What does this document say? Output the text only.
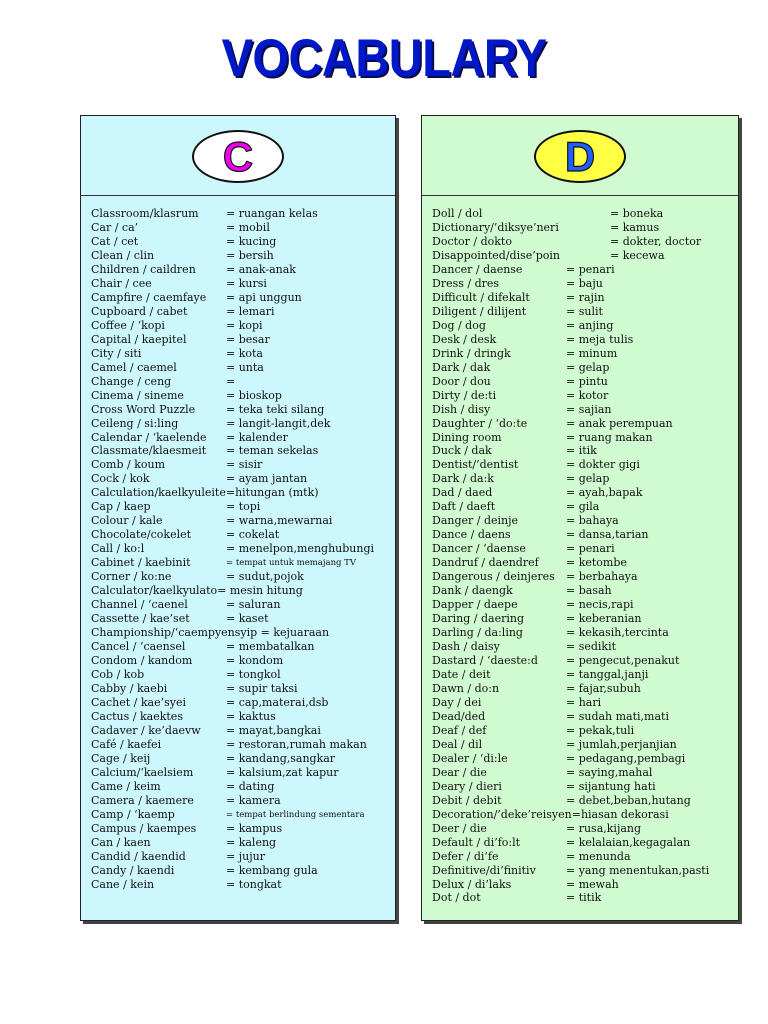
VOCABULARY
C
Classroom/klasrum = ruangan kelas
Car / ca’	= mobil
Cat / cet	= kucing
Clean / clin	= bersih
Children / caildren	= anak-anak
Chair / cee	= kursi
Campfire / caemfaye = api unggun
Cupboard / cabet	= lemari
Coffee / ‘kopi	= kopi
Capital / kaepitel	= besar
City / siti	= kota
Camel / caemel	= unta
Change / ceng	=
Cinema / sineme	= bioskop
Cross Word Puzzle	= teka teki silang
Ceileng / si:ling	= langit-langit,dek
Calendar / ‘kaelende = kalender
Classmate/klaesmeit = teman sekelas
Comb / koum	= sisir
Cock / kok	= ayam jantan
Calculation/kaelkyuleite=hitungan (mtk)
Cap / kaep	= topi
Colour / kale	= warna,mewarnai
Chocolate/cokelet	= cokelat
Call / ko:l	= menelpon,menghubungi
Cabinet / kaebinit	= tempat untuk memajang TV
Corner / ko:ne	= sudut,pojok
Calculator/kaelkyulato= mesin hitung
Channel / ‘caenel	= saluran
Cassette / kae’set	= kaset
Championship/‘caempyensyip = kejuaraan
Cancel / ‘caensel	= membatalkan
Condom / kandom	= kondom
Cob / kob	= tongkol
Cabby / kaebi	= supir taksi
Cachet / kae’syei	= cap,materai,dsb
Cactus / kaektes	= kaktus
Cadaver / ke’daevw = mayat,bangkai
Café / kaefei	= restoran,rumah makan
Cage / keij	= kandang,sangkar
Calcium/‘kaelsiem	= kalsium,zat kapur
Came / keim	= dating
Camera / kaemere	= kamera
Camp / ‘kaemp	= tempat berlindung sementara
Campus / kaempes	= kampus
Can / kaen	= kaleng
Candid / kaendid	= jujur
Candy / kaendi	= kembang gula
Cane / kein	= tongkat
D
Doll / dol	= boneka
Dictionary/’diksye’neri	= kamus
Doctor / dokto	= dokter, doctor
Disappointed/dise’poin	= kecewa
Dancer / daense	= penari
Dress / dres	= baju
Difficult / difekalt	= rajin
Diligent / dilijent	= sulit
Dog / dog	= anjing
Desk / desk	= meja tulis
Drink / dringk	= minum
Dark / dak	= gelap
Door / dou	= pintu
Dirty / de:ti	= kotor
Dish / disy	= sajian
Daughter / ‘do:te	= anak perempuan
Dining room	= ruang makan
Duck / dak	= itik
Dentist/’dentist	= dokter gigi
Dark / da:k	= gelap
Dad / daed	= ayah,bapak
Daft / daeft	= gila
Danger / deinje	= bahaya
Dance / daens	= dansa,tarian
Dancer / ‘daense	= penari
Dandruf / daendref = ketombe
Dangerous / deinjeres = berbahaya
Dank / daengk	= basah
Dapper / daepe	= necis,rapi
Daring / daering	= keberanian
Darling / da:ling	= kekasih,tercinta
Dash / daisy	= sedikit
Dastard / ‘daeste:d	= pengecut,penakut
Date / deit	= tanggal,janji
Dawn / do:n	= fajar,subuh
Day / dei	= hari
Dead/ded	= sudah mati,mati
Deaf / def	= pekak,tuli
Deal / dil	= jumlah,perjanjian
Dealer / ‘di:le	= pedagang,pembagi
Dear / die	= saying,mahal
Deary / dieri	= sijantung hati
Debit / debit	= debet,beban,hutang
Decoration/’deke’reisyen=hiasan dekorasi
Deer / die	= rusa,kijang
Default / di’fo:lt	= kelalaian,kegagalan
Defer / di’fe	= menunda
Definitive/di’finitiv	= yang menentukan,pasti
Delux / di’laks	= mewah
Dot / dot	= titik
